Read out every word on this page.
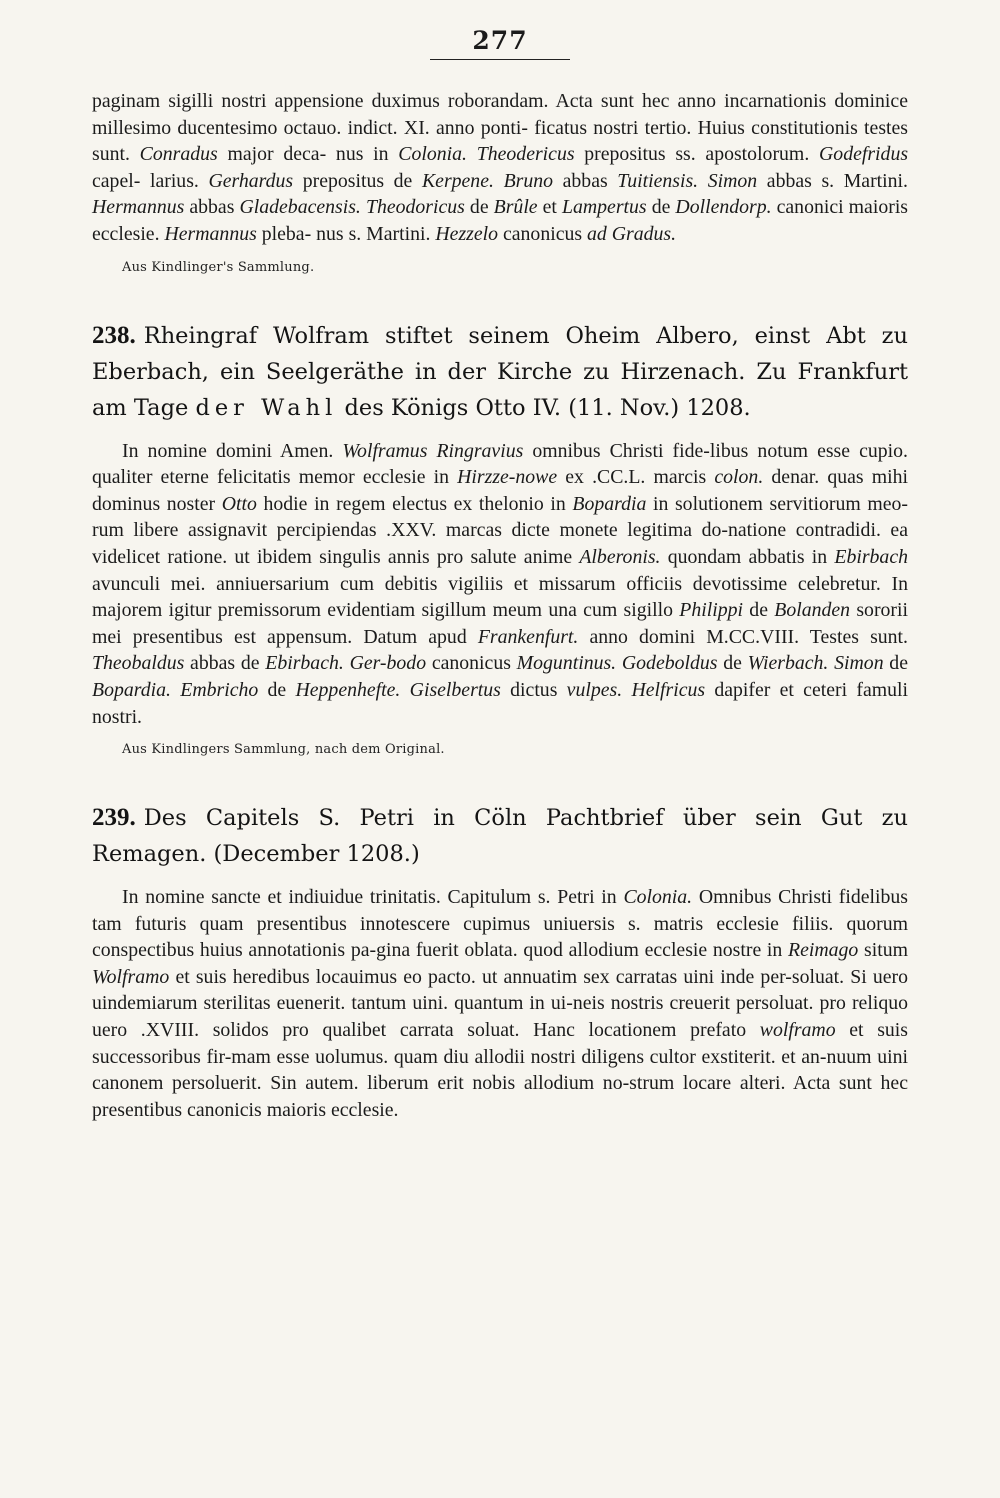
277

paginam sigilli nostri appensione duximus roborandam. Acta sunt hec anno incarnationis dominice millesimo ducentesimo octauo. indict. XI. anno ponti- ficatus nostri tertio. Huius constitutionis testes sunt. Conradus major deca- nus in Colonia. Theodericus prepositus ss. apostolorum. Godefridus capel- larius. Gerhardus prepositus de Kerpene. Bruno abbas Tuitiensis. Simon abbas s. Martini. Hermannus abbas Gladebacensis. Theodoricus de Brûle et Lampertus de Dollendorp. canonici maioris ecclesie. Hermannus pleba- nus s. Martini. Hezzelo canonicus ad Gradus.

Aus Kindlinger's Sammlung.
238. Rheingraf Wolfram stiftet seinem Oheim Albero, einst Abt zu Eberbach, ein Seelgeräthe in der Kirche zu Hirzenach. Zu Frankfurt am Tage der Wahl des Königs Otto IV. (11. Nov.) 1208.

In nomine domini Amen. Wolframus Ringravius omnibus Christi fide-libus notum esse cupio. qualiter eterne felicitatis memor ecclesie in Hirzze-nowe ex .CC.L. marcis colon. denar. quas mihi dominus noster Otto hodie in regem electus ex thelonio in Bopardia in solutionem servitiorum meo-rum libere assignavit percipiendas .XXV. marcas dicte monete legitima do-natione contradidi. ea videlicet ratione. ut ibidem singulis annis pro salute anime Alberonis. quondam abbatis in Ebirbach avunculi mei. anniuersarium cum debitis vigiliis et missarum officiis devotissime celebretur. In majorem igitur premissorum evidentiam sigillum meum una cum sigillo Philippi de Bolanden sororii mei presentibus est appensum. Datum apud Frankenfurt. anno domini M.CC.VIII. Testes sunt. Theobaldus abbas de Ebirbach. Ger-bodo canonicus Moguntinus. Godeboldus de Wierbach. Simon de Bopardia. Embricho de Heppenhefte. Giselbertus dictus vulpes. Helfricus dapifer et ceteri famuli nostri.

Aus Kindlingers Sammlung, nach dem Original.
239. Des Capitels S. Petri in Cöln Pachtbrief über sein Gut zu Remagen. (December 1208.)

In nomine sancte et indiuidue trinitatis. Capitulum s. Petri in Colonia. Omnibus Christi fidelibus tam futuris quam presentibus innotescere cupimus uniuersis s. matris ecclesie filiis. quorum conspectibus huius annotationis pa-gina fuerit oblata. quod allodium ecclesie nostre in Reimago situm Wolframo et suis heredibus locauimus eo pacto. ut annuatim sex carratas uini inde per-soluat. Si uero uindemiarum sterilitas euenerit. tantum uini. quantum in ui-neis nostris creuerit persoluat. pro reliquo uero .XVIII. solidos pro qualibet carrata soluat. Hanc locationem prefato wolframo et suis successoribus fir-mam esse uolumus. quam diu allodii nostri diligens cultor exstiterit. et an-nuum uini canonem persoluerit. Sin autem. liberum erit nobis allodium no-strum locare alteri. Acta sunt hec presentibus canonicis maioris ecclesie.
